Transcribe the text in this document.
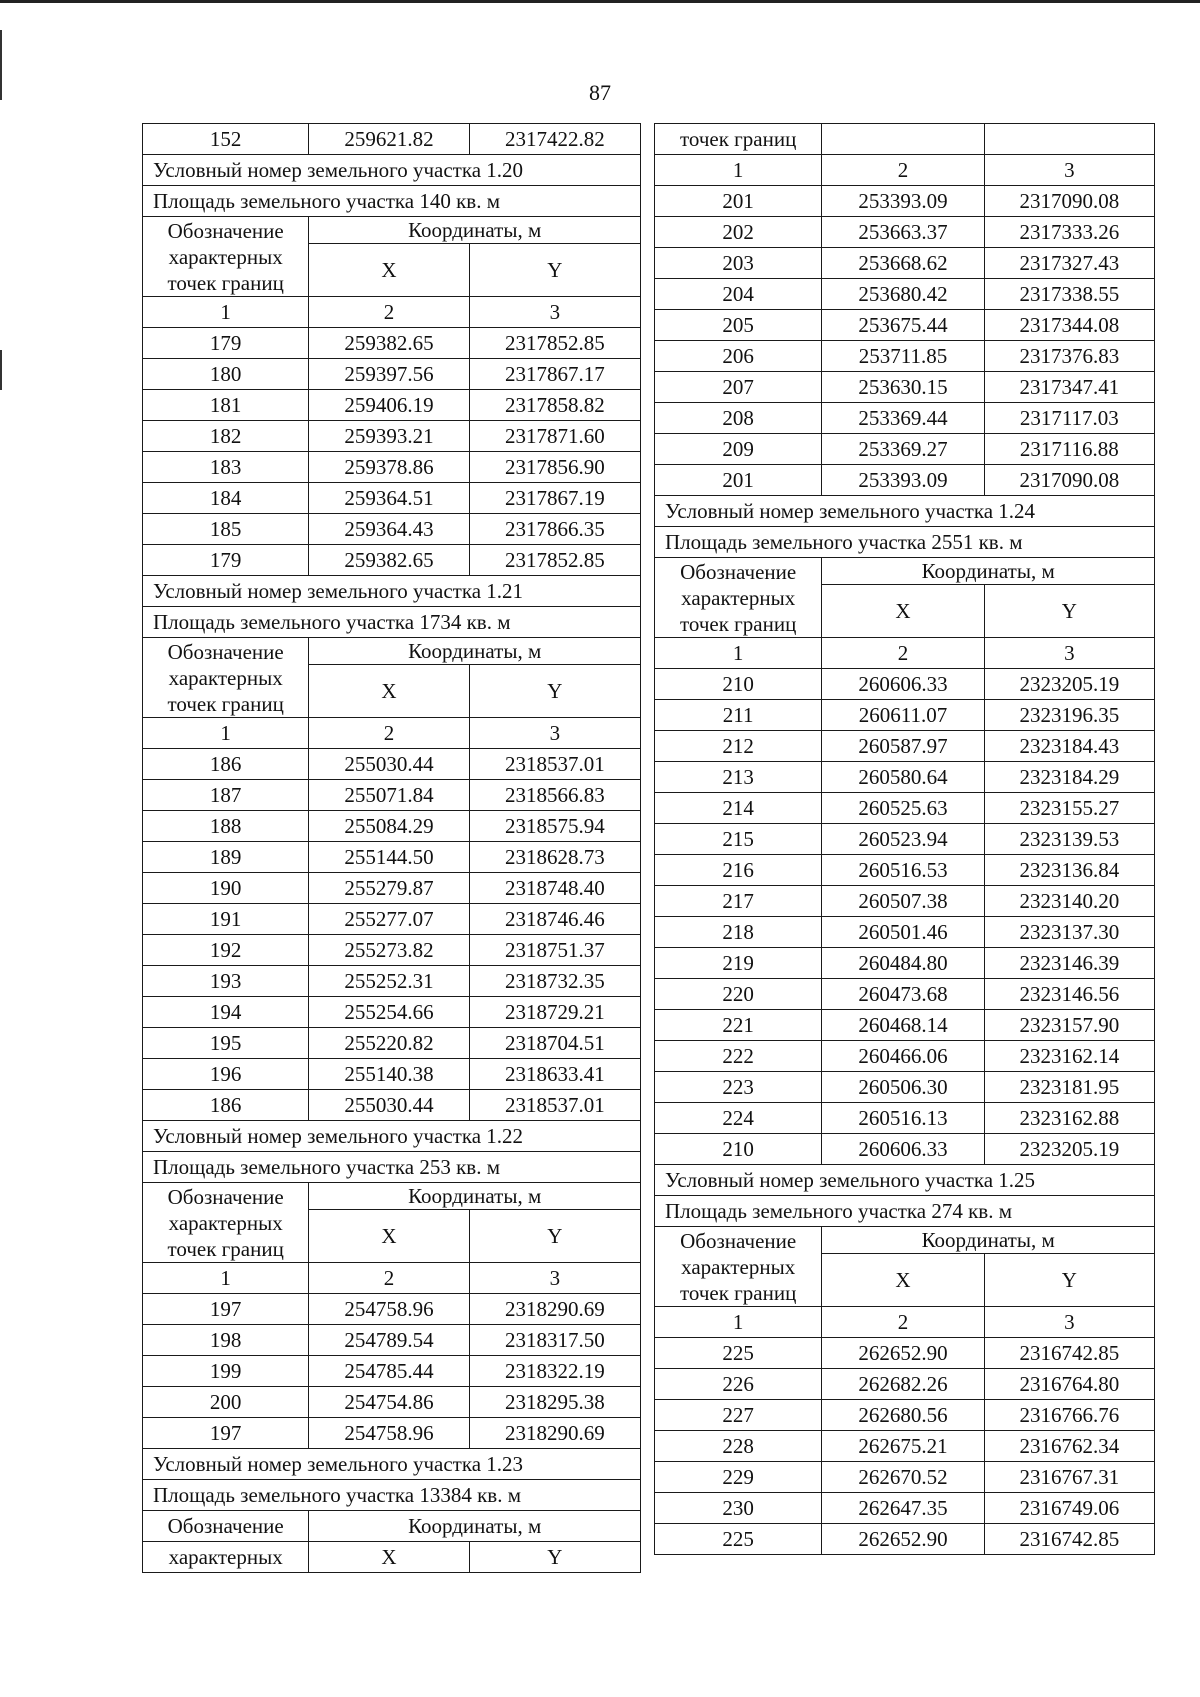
87
152	259621.82	2317422.82
Условный номер земельного участка 1.20		
Площадь земельного участка 140 кв. м		
Обозначение характерных точек границ	Координаты, м	
	X	Y
1	2	3
179	259382.65	2317852.85
180	259397.56	2317867.17
181	259406.19	2317858.82
182	259393.21	2317871.60
183	259378.86	2317856.90
184	259364.51	2317867.19
185	259364.43	2317866.35
179	259382.65	2317852.85
Условный номер земельного участка 1.21		
Площадь земельного участка 1734 кв. м		
Обозначение характерных точек границ	Координаты, м	
	X	Y
1	2	3
186	255030.44	2318537.01
187	255071.84	2318566.83
188	255084.29	2318575.94
189	255144.50	2318628.73
190	255279.87	2318748.40
191	255277.07	2318746.46
192	255273.82	2318751.37
193	255252.31	2318732.35
194	255254.66	2318729.21
195	255220.82	2318704.51
196	255140.38	2318633.41
186	255030.44	2318537.01
Условный номер земельного участка 1.22		
Площадь земельного участка 253 кв. м		
Обозначение характерных точек границ	Координаты, м	
	X	Y
1	2	3
197	254758.96	2318290.69
198	254789.54	2318317.50
199	254785.44	2318322.19
200	254754.86	2318295.38
197	254758.96	2318290.69
Условный номер земельного участка 1.23		
Площадь земельного участка 13384 кв. м		
Обозначение	Координаты, м	
характерных	X	Y
точек границ		
1	2	3
201	253393.09	2317090.08
202	253663.37	2317333.26
203	253668.62	2317327.43
204	253680.42	2317338.55
205	253675.44	2317344.08
206	253711.85	2317376.83
207	253630.15	2317347.41
208	253369.44	2317117.03
209	253369.27	2317116.88
201	253393.09	2317090.08
Условный номер земельного участка 1.24		
Площадь земельного участка 2551 кв. м		
Обозначение характерных точек границ	Координаты, м	
	X	Y
1	2	3
210	260606.33	2323205.19
211	260611.07	2323196.35
212	260587.97	2323184.43
213	260580.64	2323184.29
214	260525.63	2323155.27
215	260523.94	2323139.53
216	260516.53	2323136.84
217	260507.38	2323140.20
218	260501.46	2323137.30
219	260484.80	2323146.39
220	260473.68	2323146.56
221	260468.14	2323157.90
222	260466.06	2323162.14
223	260506.30	2323181.95
224	260516.13	2323162.88
210	260606.33	2323205.19
Условный номер земельного участка 1.25		
Площадь земельного участка 274 кв. м		
Обозначение характерных точек границ	Координаты, м	
	X	Y
1	2	3
225	262652.90	2316742.85
226	262682.26	2316764.80
227	262680.56	2316766.76
228	262675.21	2316762.34
229	262670.52	2316767.31
230	262647.35	2316749.06
225	262652.90	2316742.85
